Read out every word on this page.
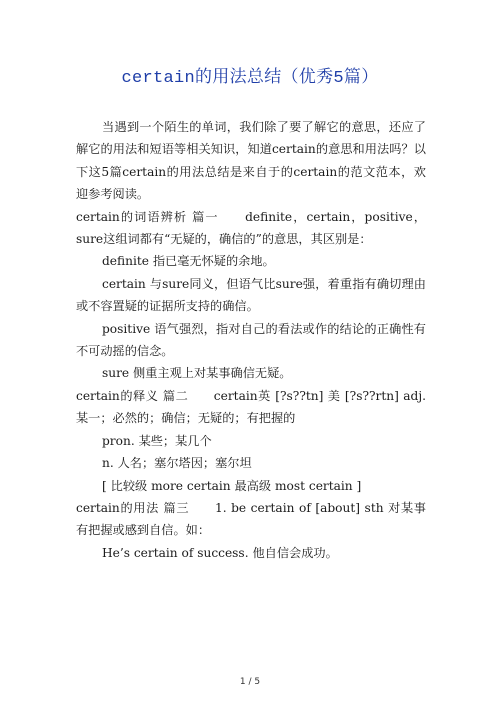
certain的用法总结（优秀5篇）

当遇到一个陌生的单词，我们除了要了解它的意思，还应了解它的用法和短语等相关知识，知道certain的意思和用法吗？以下这5篇certain的用法总结是来自于的certain的范文范本，欢迎参考阅读。

certain的词语辨析 篇一　　definite，certain，positive，sure这组词都有“无疑的，确信的”的意思，其区别是：

definite 指已毫无怀疑的余地。

certain 与sure同义，但语气比sure强，着重指有确切理由或不容置疑的证据所支持的确信。

positive 语气强烈，指对自己的看法或作的结论的正确性有不可动摇的信念。

sure 侧重主观上对某事确信无疑。

certain的释义 篇二　　certain英 [?s??tn] 美 [?s??rtn] adj. 某一；必然的；确信；无疑的；有把握的

pron. 某些；某几个

n. 人名；塞尔塔因；塞尔坦

[ 比较级 more certain 最高级 most certain ]

certain的用法 篇三　　1. be certain of [about] sth 对某事有把握或感到自信。如：

He’s certain of success. 他自信会成功。

1 / 5
